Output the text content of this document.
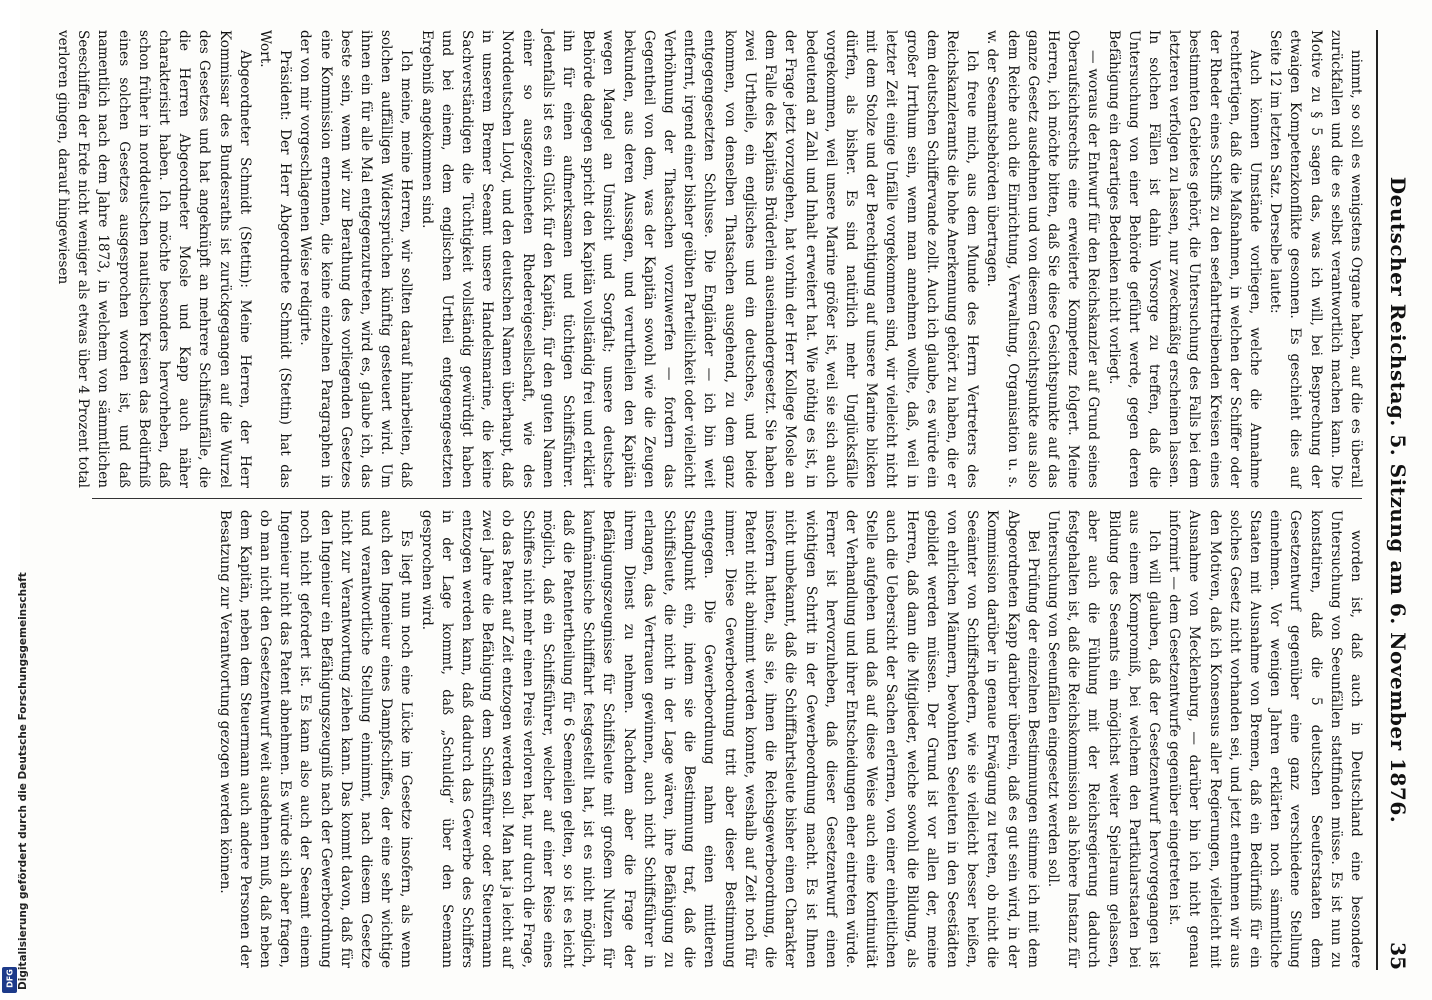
Digitalisierung gefördert durch die Deutsche Forschungsgemeinschaft
DFG
Deutscher Reichstag. 5. Sitzung am 6. November 1876.
35

nimmt, so soll es wenigstens Organe haben, auf die es überall zurückfallen und die es selbst verantwortlich machen kann. Die Motive zu § 5 sagen das, was ich will, bei Besprechung der etwaigen Kompetenzkonflikte gesonnen. Es geschieht dies auf Seite 12 im letzten Satz. Derselbe lautet:

Auch können Umstände vorliegen, welche die Annahme rechtfertigen, daß die Maßnahmen, in welchen der Schiffer oder der Rheder eines Schiffs zu den seefahrttreibenden Kreisen eines bestimmten Gebietes gehört, die Untersuchung des Falls bei dem letzteren verfolgen zu lassen, nur zweckmäßig erscheinen lassen. In solchen Fällen ist dahin Vorsorge zu treffen, daß die Untersuchung von einer Behörde geführt werde, gegen deren Befähigung ein derartiges Bedenken nicht vorliegt.

— woraus der Entwurf für den Reichskanzler auf Grund seines Oberaufsichtsrechts eine erweiterte Kompetenz folgert. Meine Herren, ich möchte bitten, daß Sie diese Gesichtspunkte auf das ganze Gesetz ausdehnen und von diesem Gesichtspunkte aus also dem Reiche auch die Einrichtung, Verwaltung, Organisation u. s. w. der Seeamtsbehörden übertragen.

Ich freue mich, aus dem Munde des Herrn Vertreters des Reichskanzleramts die hohe Anerkennung gehört zu haben, die er dem deutschen Schiffervande zollt. Auch ich glaube, es würde ein großer Irrthum sein, wenn man annehmen wollte, daß, weil in letzter Zeit einige Unfälle vorgekommen sind, wir vielleicht nicht mit dem Stolze und der Berechtigung auf unsere Marine blicken dürfen, als bisher. Es sind natürlich mehr Unglücksfälle vorgekommen, weil unsere Marine größer ist, weil sie sich auch bedeutend an Zahl und Inhalt erweitert hat. Wie nöthig es ist, in der Frage jetzt vorzugehen, hat vorhin der Herr Kollege Mosle an dem Falle des Kapitäns Brüderlein auseinandergesetzt. Sie haben zwei Urtheile, ein englisches und ein deutsches, und beide kommen, von denselben Thatsachen ausgehend, zu dem ganz entgegengesetzten Schlusse. Die Engländer — ich bin weit entfernt, irgend einer bisher geübten Parteilichkeit oder vielleicht Verhöhnung der Thatsachen vorzuwerfen — fordern das Gegentheil von dem, was der Kapitän sowohl wie die Zeugen bekunden, aus deren Aussagen, und verurtheilen den Kapitän wegen Mangel an Umsicht und Sorgfalt; unsere deutsche Behörde dagegen spricht den Kapitän vollständig frei und erklärt ihn für einen aufmerksamen und tüchtigen Schiffsführer. Jedenfalls ist es ein Glück für den Kapitän, für den guten Namen einer so ausgezeichneten Rhedereigesellschaft, wie des Norddeutschen Lloyd, und den deutschen Namen überhaupt, daß in unserem Bremer Seeamt unsere Handelsmarine, die keine Sachverständigen die Tüchtigkeit vollständig gewürdigt haben und bei einem, dem englischen Urtheil entgegengesetzten Ergebniß angekommen sind.

Ich meine, meine Herren, wir sollten darauf hinarbeiten, daß solchen auffälligen Widersprüchen künftig gesteuert wird. Um ihnen ein für alle Mal entgegenzutreten, wird es, glaube ich, das beste sein, wenn wir zur Berathung des vorliegenden Gesetzes eine Kommission ernennen, die keine einzelnen Paragraphen in der von mir vorgeschlagenen Weise redigirte.

Präsident: Der Herr Abgeordnete Schmidt (Stettin) hat das Wort.

Abgeordneter Schmidt (Stettin): Meine Herren, der Herr Kommissar des Bundesraths ist zurückgegangen auf die Wurzel des Gesetzes und hat angeknüpft an mehrere Schiffsunfälle, die die Herren Abgeordneter Mosle und Kapp auch näher charakterisirt haben. Ich möchte besonders hervorheben, daß schon früher in norddeutschen nautischen Kreisen das Bedürfniß eines solchen Gesetzes ausgesprochen worden ist, und daß namentlich nach dem Jahre 1873, in welchem von sämmtlichen Seeschiffen der Erde nicht weniger als etwas über 4 Prozent total verloren gingen, darauf hingewiesen

worden ist, daß auch in Deutschland eine besondere Untersuchung von Seeunfällen stattfinden müsse. Es ist nun zu konstatiren, daß die 5 deutschen Seeuferstaaten dem Gesetzentwurf gegenüber eine ganz verschiedene Stellung einnehmen. Vor wenigen Jahren erklärten noch sämmtliche Staaten mit Ausnahme von Bremen, daß ein Bedürfniß für ein solches Gesetz nicht vorhanden sei, und jetzt entnehmen wir aus den Motiven, daß ich Konsensus aller Regierungen, vielleicht mit Ausnahme von Mecklenburg, — darüber bin ich nicht genau informirt — dem Gesetzentwurfe gegenüber eingetreten ist.

Ich will glauben, daß der Gesetzentwurf hervorgegangen ist aus einem Kompromiß, bei welchem den Partikularstaaten bei Bildung des Seeamts ein möglichst weiter Spielraum gelassen, aber auch die Fühlung mit der Reichsregierung dadurch festgehalten ist, daß die Reichskommission als höhere Instanz für Untersuchung von Seeunfällen eingesetzt werden soll.

Bei Prüfung der einzelnen Bestimmungen stimme ich mit dem Abgeordneten Kapp darüber überein, daß es gut sein wird, in der Kommission darüber in genaue Erwägung zu treten, ob nicht die Seeämter von Schiffsrhedern, wie sie vielleicht besser heißen, von ehrlichen Männern, bewohnten Seeleuten in den Seestädten gebildet werden müssen. Der Grund ist vor allen der, meine Herren, daß dann die Mitglieder, welche sowohl die Bildung, als auch die Uebersicht der Sachen erlernen, von einer einheitlichen Stelle aufgehen und daß auf diese Weise auch eine Kontinuität der Verhandlung und ihrer Entscheidungen eher eintreten würde. Ferner ist hervorzuheben, daß dieser Gesetzentwurf einen wichtigen Schritt in der Gewerbeordnung macht. Es ist Ihnen nicht unbekannt, daß die Schifffahrtsleute bisher einen Charakter insofern hatten, als sie, ihnen die Reichsgewerbeordnung, die Patent nicht abnimmt werden konnte, weshalb auf Zeit noch für immer. Diese Gewerbeordnung tritt aber dieser Bestimmung entgegen. Die Gewerbeordnung nahm einen mittleren Standpunkt ein, indem sie die Bestimmung traf, daß die Schiffsleute, die nicht in der Lage wären, ihre Befähigung zu erlangen, das Vertrauen gewinnen, auch nicht Schiffsführer in ihrem Dienst zu nehmen. Nachdem aber die Frage der Befähigungszeugnisse für Schiffsleute mit großem Nutzen für kaufmännische Schifffahrt festgestellt hat, ist es nicht möglich, daß die Patentertheilung für 6 Seemeilen gelten, so ist es leicht möglich, daß ein Schiffsführer, welcher auf einer Reise eines Schiffes nicht mehr einen Preis verloren hat, nur durch die Frage, ob das Patent auf Zeit entzogen werden soll. Man hat ja leicht auf zwei Jahre die Befähigung dem Schiffsführer oder Steuermann entzogen werden kann, daß dadurch das Gewerbe des Schiffers in der Lage kommt, daß „Schuldig“ über den Seemann gesprochen wird.

Es liegt nun noch eine Lücke im Gesetze insofern, als wenn auch den Ingenieur eines Dampfschiffes, der eine sehr wichtige und verantwortliche Stellung einnimmt, nach diesem Gesetze nicht zur Verantwortung ziehen kann. Das kommt davon, daß für den Ingenieur ein Befähigungszeugniß nach der Gewerbeordnung noch nicht gefordert ist. Es kann also auch der Seeamt einem Ingenieur nicht das Patent abnehmen. Es würde sich aber fragen, ob man nicht den Gesetzentwurf weit ausdehnen muß, daß neben dem Kapitän, neben dem Steuermann auch andere Personen der Besatzung zur Verantwortung gezogen werden können.
